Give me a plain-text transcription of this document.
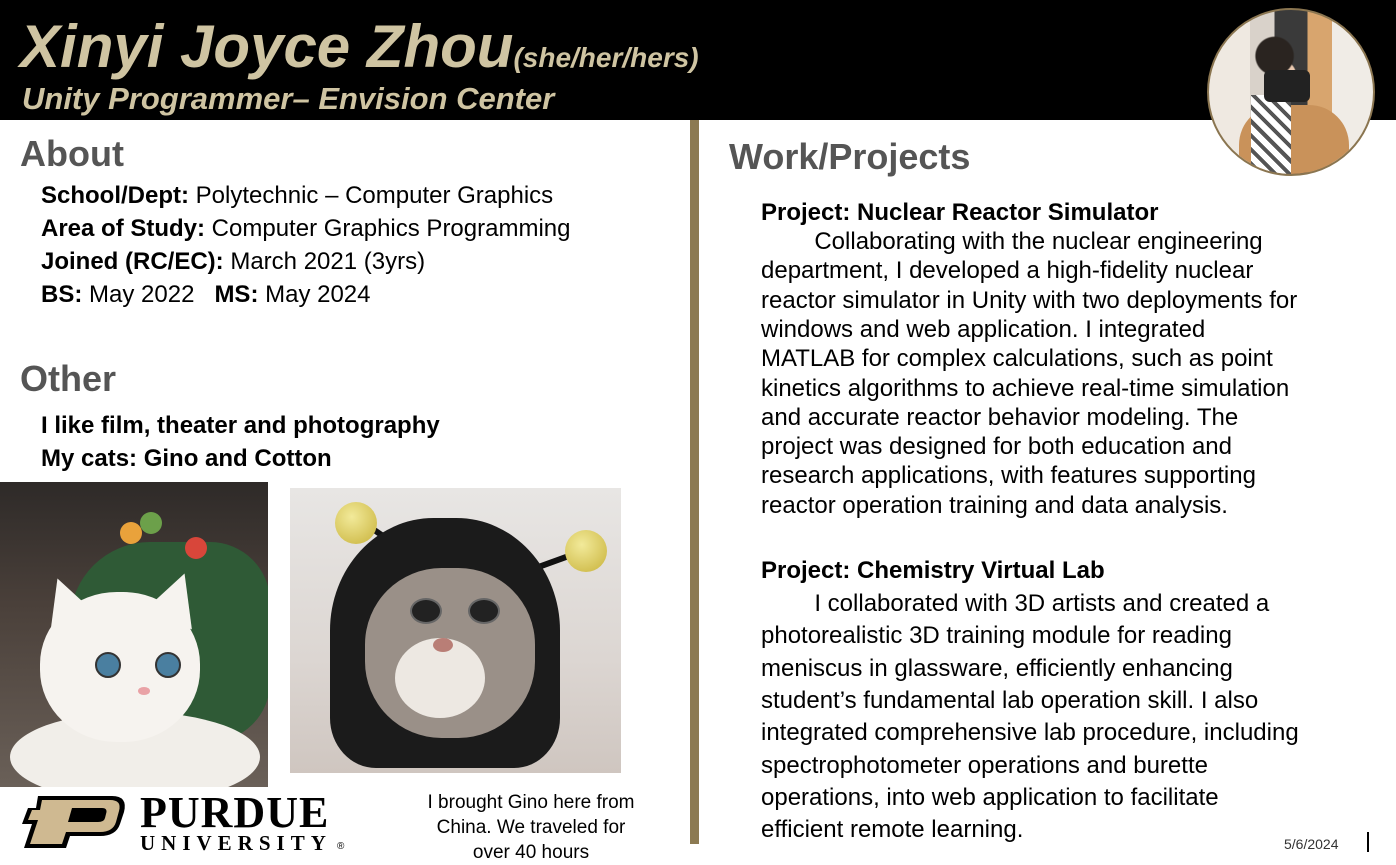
Xinyi Joyce Zhou(she/her/hers)
Unity Programmer– Envision Center
About
School/Dept: Polytechnic – Computer Graphics
Area of Study: Computer Graphics Programming
Joined (RC/EC): March 2021 (3yrs)
BS: May 2022 MS: May 2024
Other
I like film, theater and photography
My cats: Gino and Cotton
PURDUE
UNIVERSITY ®
I brought Gino here from China. We traveled for over 40 hours
Work/Projects
Project: Nuclear Reactor Simulator
Collaborating with the nuclear engineering
department, I developed a high-fidelity nuclear
reactor simulator in Unity with two deployments for
windows and web application. I integrated
MATLAB for complex calculations, such as point
kinetics algorithms to achieve real-time simulation
and accurate reactor behavior modeling. The
project was designed for both education and
research applications, with features supporting
reactor operation training and data analysis.
Project: Chemistry Virtual Lab
I collaborated with 3D artists and created a
photorealistic 3D training module for reading
meniscus in glassware, efficiently enhancing
student’s fundamental lab operation skill. I also
integrated comprehensive lab procedure, including
spectrophotometer operations and burette
operations, into web application to facilitate
efficient remote learning.
5/6/2024
